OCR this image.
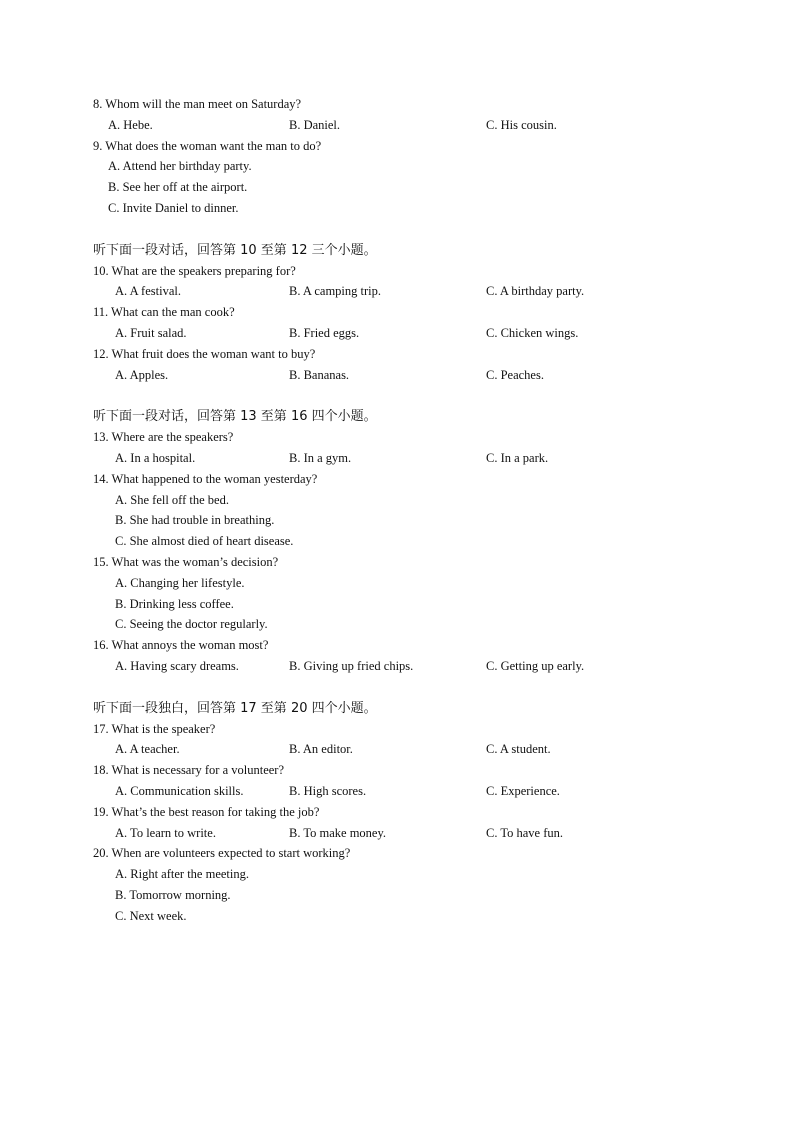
8. Whom will the man meet on Saturday?
A. Hebe.	B. Daniel.	C. His cousin.
9. What does the woman want the man to do?
A. Attend her birthday party.
B. See her off at the airport.
C. Invite Daniel to dinner.
听下面一段对话，回答第 10 至第 12 三个小题。
10. What are the speakers preparing for?
A. A festival.	B. A camping trip.	C. A birthday party.
11. What can the man cook?
A. Fruit salad.	B. Fried eggs.	C. Chicken wings.
12. What fruit does the woman want to buy?
A. Apples.	B. Bananas.	C. Peaches.
听下面一段对话，回答第 13 至第 16 四个小题。
13. Where are the speakers?
A. In a hospital.	B. In a gym.	C. In a park.
14. What happened to the woman yesterday?
A. She fell off the bed.
B. She had trouble in breathing.
C. She almost died of heart disease.
15. What was the woman’s decision?
A. Changing her lifestyle.
B. Drinking less coffee.
C. Seeing the doctor regularly.
16. What annoys the woman most?
A. Having scary dreams.	B. Giving up fried chips.	C. Getting up early.
听下面一段独白，回答第 17 至第 20 四个小题。
17. What is the speaker?
A. A teacher.	B. An editor.	C. A student.
18. What is necessary for a volunteer?
A. Communication skills.	B. High scores.	C. Experience.
19. What’s the best reason for taking the job?
A. To learn to write.	B. To make money.	C. To have fun.
20. When are volunteers expected to start working?
A. Right after the meeting.
B. Tomorrow morning.
C. Next week.
